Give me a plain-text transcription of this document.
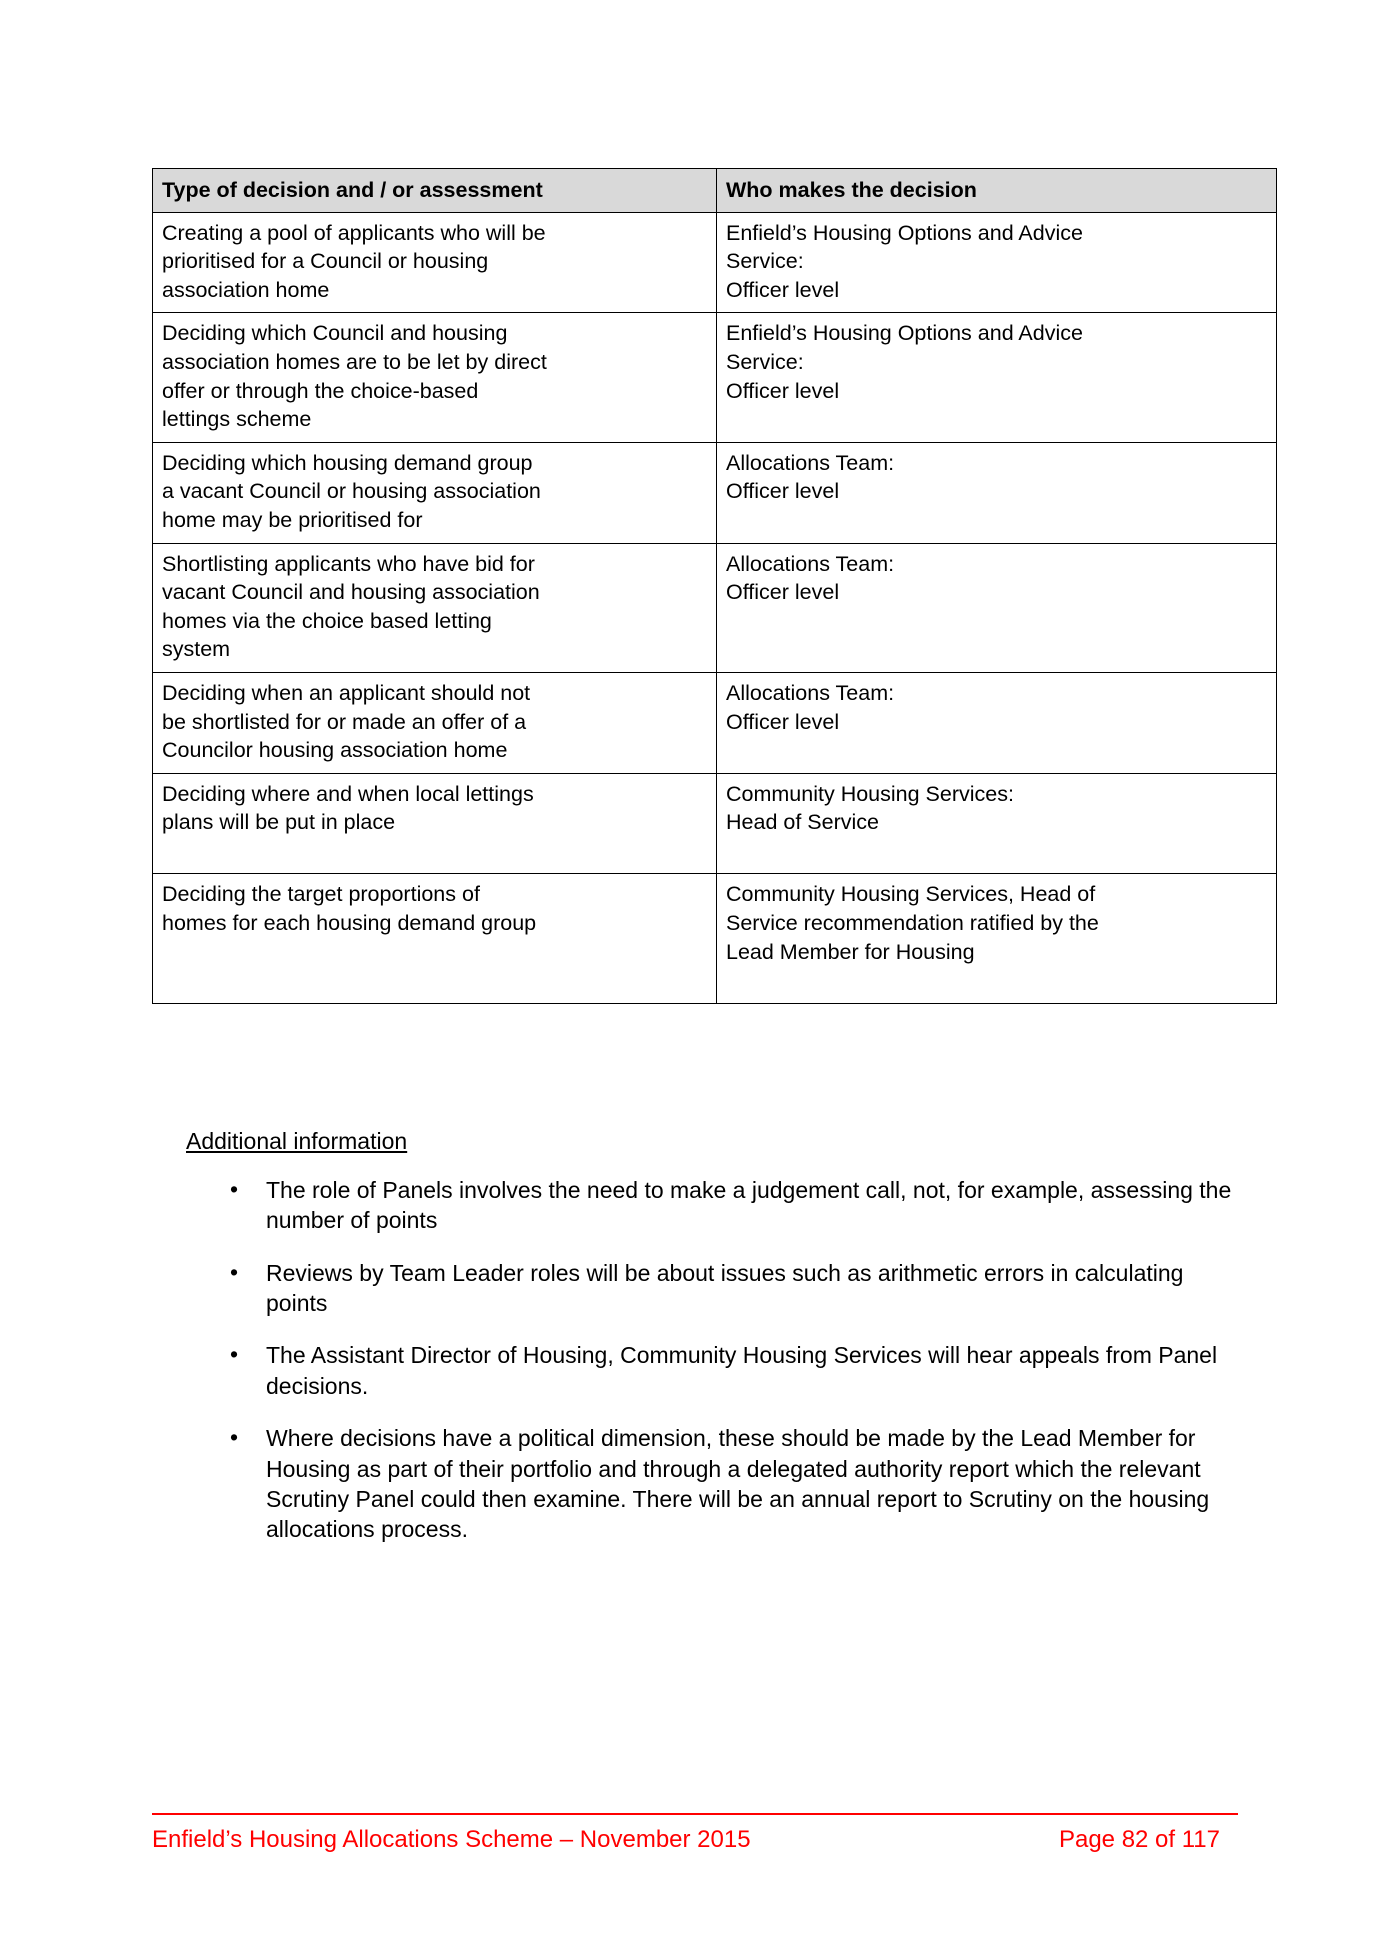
Type of decision and / or assessment	Who makes the decision

Creating a pool of applicants who will be
prioritised for a Council or housing
association home	Enfield’s Housing Options and Advice
Service:
Officer level

Deciding which Council and housing
association homes are to be let by direct
offer or through the choice-based
lettings scheme	Enfield’s Housing Options and Advice
Service:
Officer level

Deciding which housing demand group
a vacant Council or housing association
home may be prioritised for	Allocations Team:
Officer level

Shortlisting applicants who have bid for
vacant Council and housing association
homes via the choice based letting
system	Allocations Team:
Officer level

Deciding when an applicant should not
be shortlisted for or made an offer of a
Councilor housing association home	Allocations Team:
Officer level

Deciding where and when local lettings
plans will be put in place	Community Housing Services:
Head of Service

Deciding the target proportions of
homes for each housing demand group	Community Housing Services, Head of
Service recommendation ratified by the
Lead Member for Housing
Additional information
• The role of Panels involves the need to make a judgement call, not, for example, assessing the number of points
• Reviews by Team Leader roles will be about issues such as arithmetic errors in calculating points
• The Assistant Director of Housing, Community Housing Services will hear appeals from Panel decisions.
• Where decisions have a political dimension, these should be made by the Lead Member for Housing as part of their portfolio and through a delegated authority report which the relevant Scrutiny Panel could then examine. There will be an annual report to Scrutiny on the housing allocations process.
Enfield’s Housing Allocations Scheme – November 2015	Page 82 of 117
